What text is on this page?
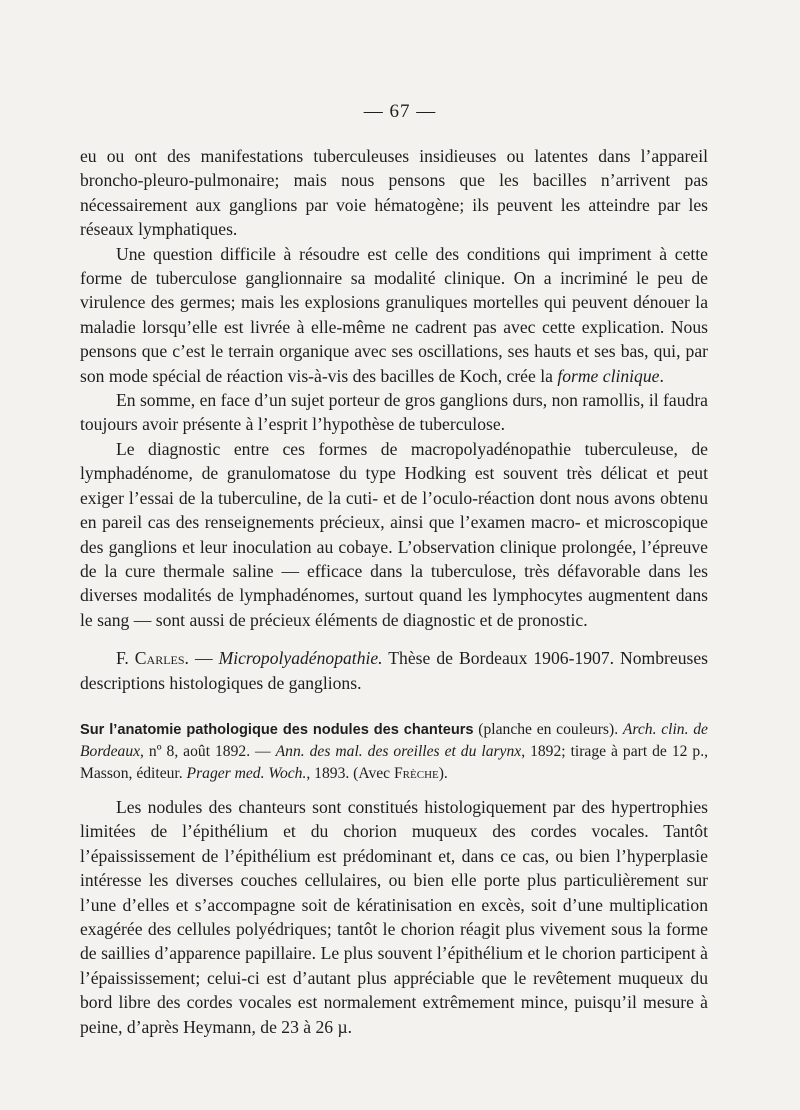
— 67 —

eu ou ont des manifestations tuberculeuses insidieuses ou latentes dans l’appareil broncho-pleuro-pulmonaire; mais nous pensons que les bacilles n’arrivent pas nécessairement aux ganglions par voie hématogène; ils peuvent les atteindre par les réseaux lymphatiques.

Une question difficile à résoudre est celle des conditions qui impriment à cette forme de tuberculose ganglionnaire sa modalité clinique. On a incriminé le peu de virulence des germes; mais les explosions granuliques mortelles qui peuvent dénouer la maladie lorsqu’elle est livrée à elle-même ne cadrent pas avec cette explication. Nous pensons que c’est le terrain organique avec ses oscillations, ses hauts et ses bas, qui, par son mode spécial de réaction vis-à-vis des bacilles de Koch, crée la forme clinique.

En somme, en face d’un sujet porteur de gros ganglions durs, non ramollis, il faudra toujours avoir présente à l’esprit l’hypothèse de tuberculose.

Le diagnostic entre ces formes de macropolyadénopathie tuberculeuse, de lymphadénome, de granulomatose du type Hodking est souvent très délicat et peut exiger l’essai de la tuberculine, de la cuti- et de l’oculo-réaction dont nous avons obtenu en pareil cas des renseignements précieux, ainsi que l’examen macro- et microscopique des ganglions et leur inoculation au cobaye. L’observation clinique prolongée, l’épreuve de la cure thermale saline — efficace dans la tuberculose, très défavorable dans les diverses modalités de lymphadénomes, surtout quand les lymphocytes augmentent dans le sang — sont aussi de précieux éléments de diagnostic et de pronostic.

F. Carles. — Micropolyadénopathie. Thèse de Bordeaux 1906-1907. Nombreuses descriptions histologiques de ganglions.

Sur l’anatomie pathologique des nodules des chanteurs (planche en couleurs). Arch. clin. de Bordeaux, nº 8, août 1892. — Ann. des mal. des oreilles et du larynx, 1892; tirage à part de 12 p., Masson, éditeur. Prager med. Woch., 1893. (Avec Frèche).

Les nodules des chanteurs sont constitués histologiquement par des hypertrophies limitées de l’épithélium et du chorion muqueux des cordes vocales. Tantôt l’épaississement de l’épithélium est prédominant et, dans ce cas, ou bien l’hyperplasie intéresse les diverses couches cellulaires, ou bien elle porte plus particulièrement sur l’une d’elles et s’accompagne soit de kératinisation en excès, soit d’une multiplication exagérée des cellules polyédriques; tantôt le chorion réagit plus vivement sous la forme de saillies d’apparence papillaire. Le plus souvent l’épithélium et le chorion participent à l’épaississement; celui-ci est d’autant plus appréciable que le revêtement muqueux du bord libre des cordes vocales est normalement extrêmement mince, puisqu’il mesure à peine, d’après Heymann, de 23 à 26 µ.
